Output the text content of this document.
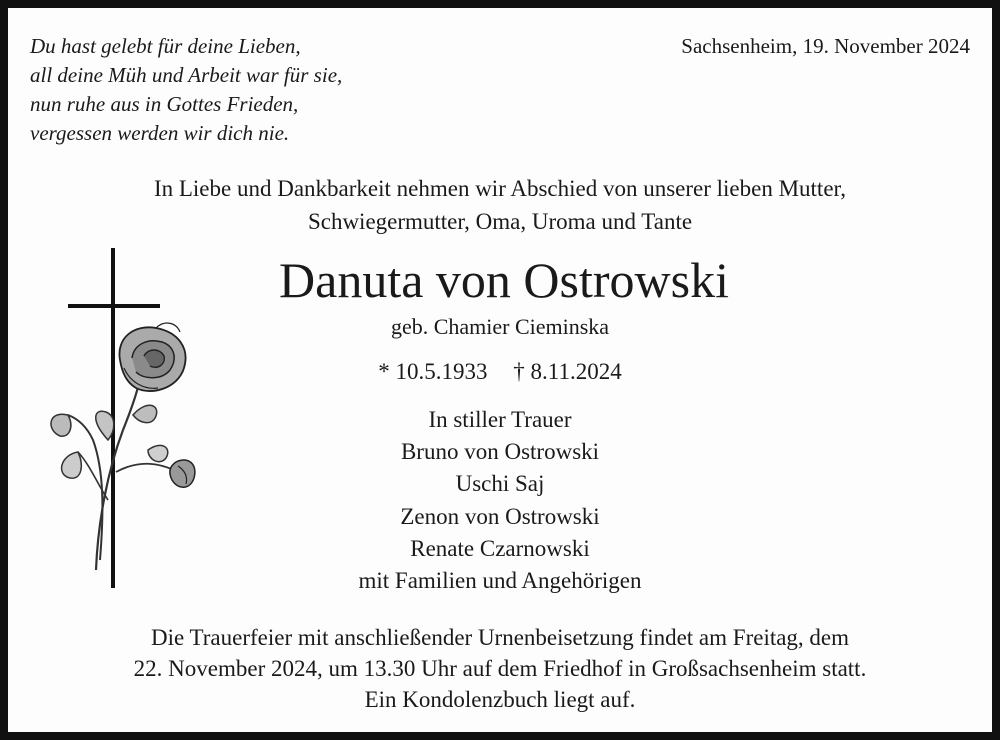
Du hast gelebt für deine Lieben,
all deine Müh und Arbeit war für sie,
nun ruhe aus in Gottes Frieden,
vergessen werden wir dich nie.
Sachsenheim, 19. November 2024
In Liebe und Dankbarkeit nehmen wir Abschied von unserer lieben Mutter,
Schwiegermutter, Oma, Uroma und Tante
Danuta von Ostrowski
geb. Chamier Cieminska
* 10.5.1933 † 8.11.2024
In stiller Trauer
Bruno von Ostrowski
Uschi Saj
Zenon von Ostrowski
Renate Czarnowski
mit Familien und Angehörigen
Die Trauerfeier mit anschließender Urnenbeisetzung findet am Freitag, dem
22. November 2024, um 13.30 Uhr auf dem Friedhof in Großsachsenheim statt.
Ein Kondolenzbuch liegt auf.
